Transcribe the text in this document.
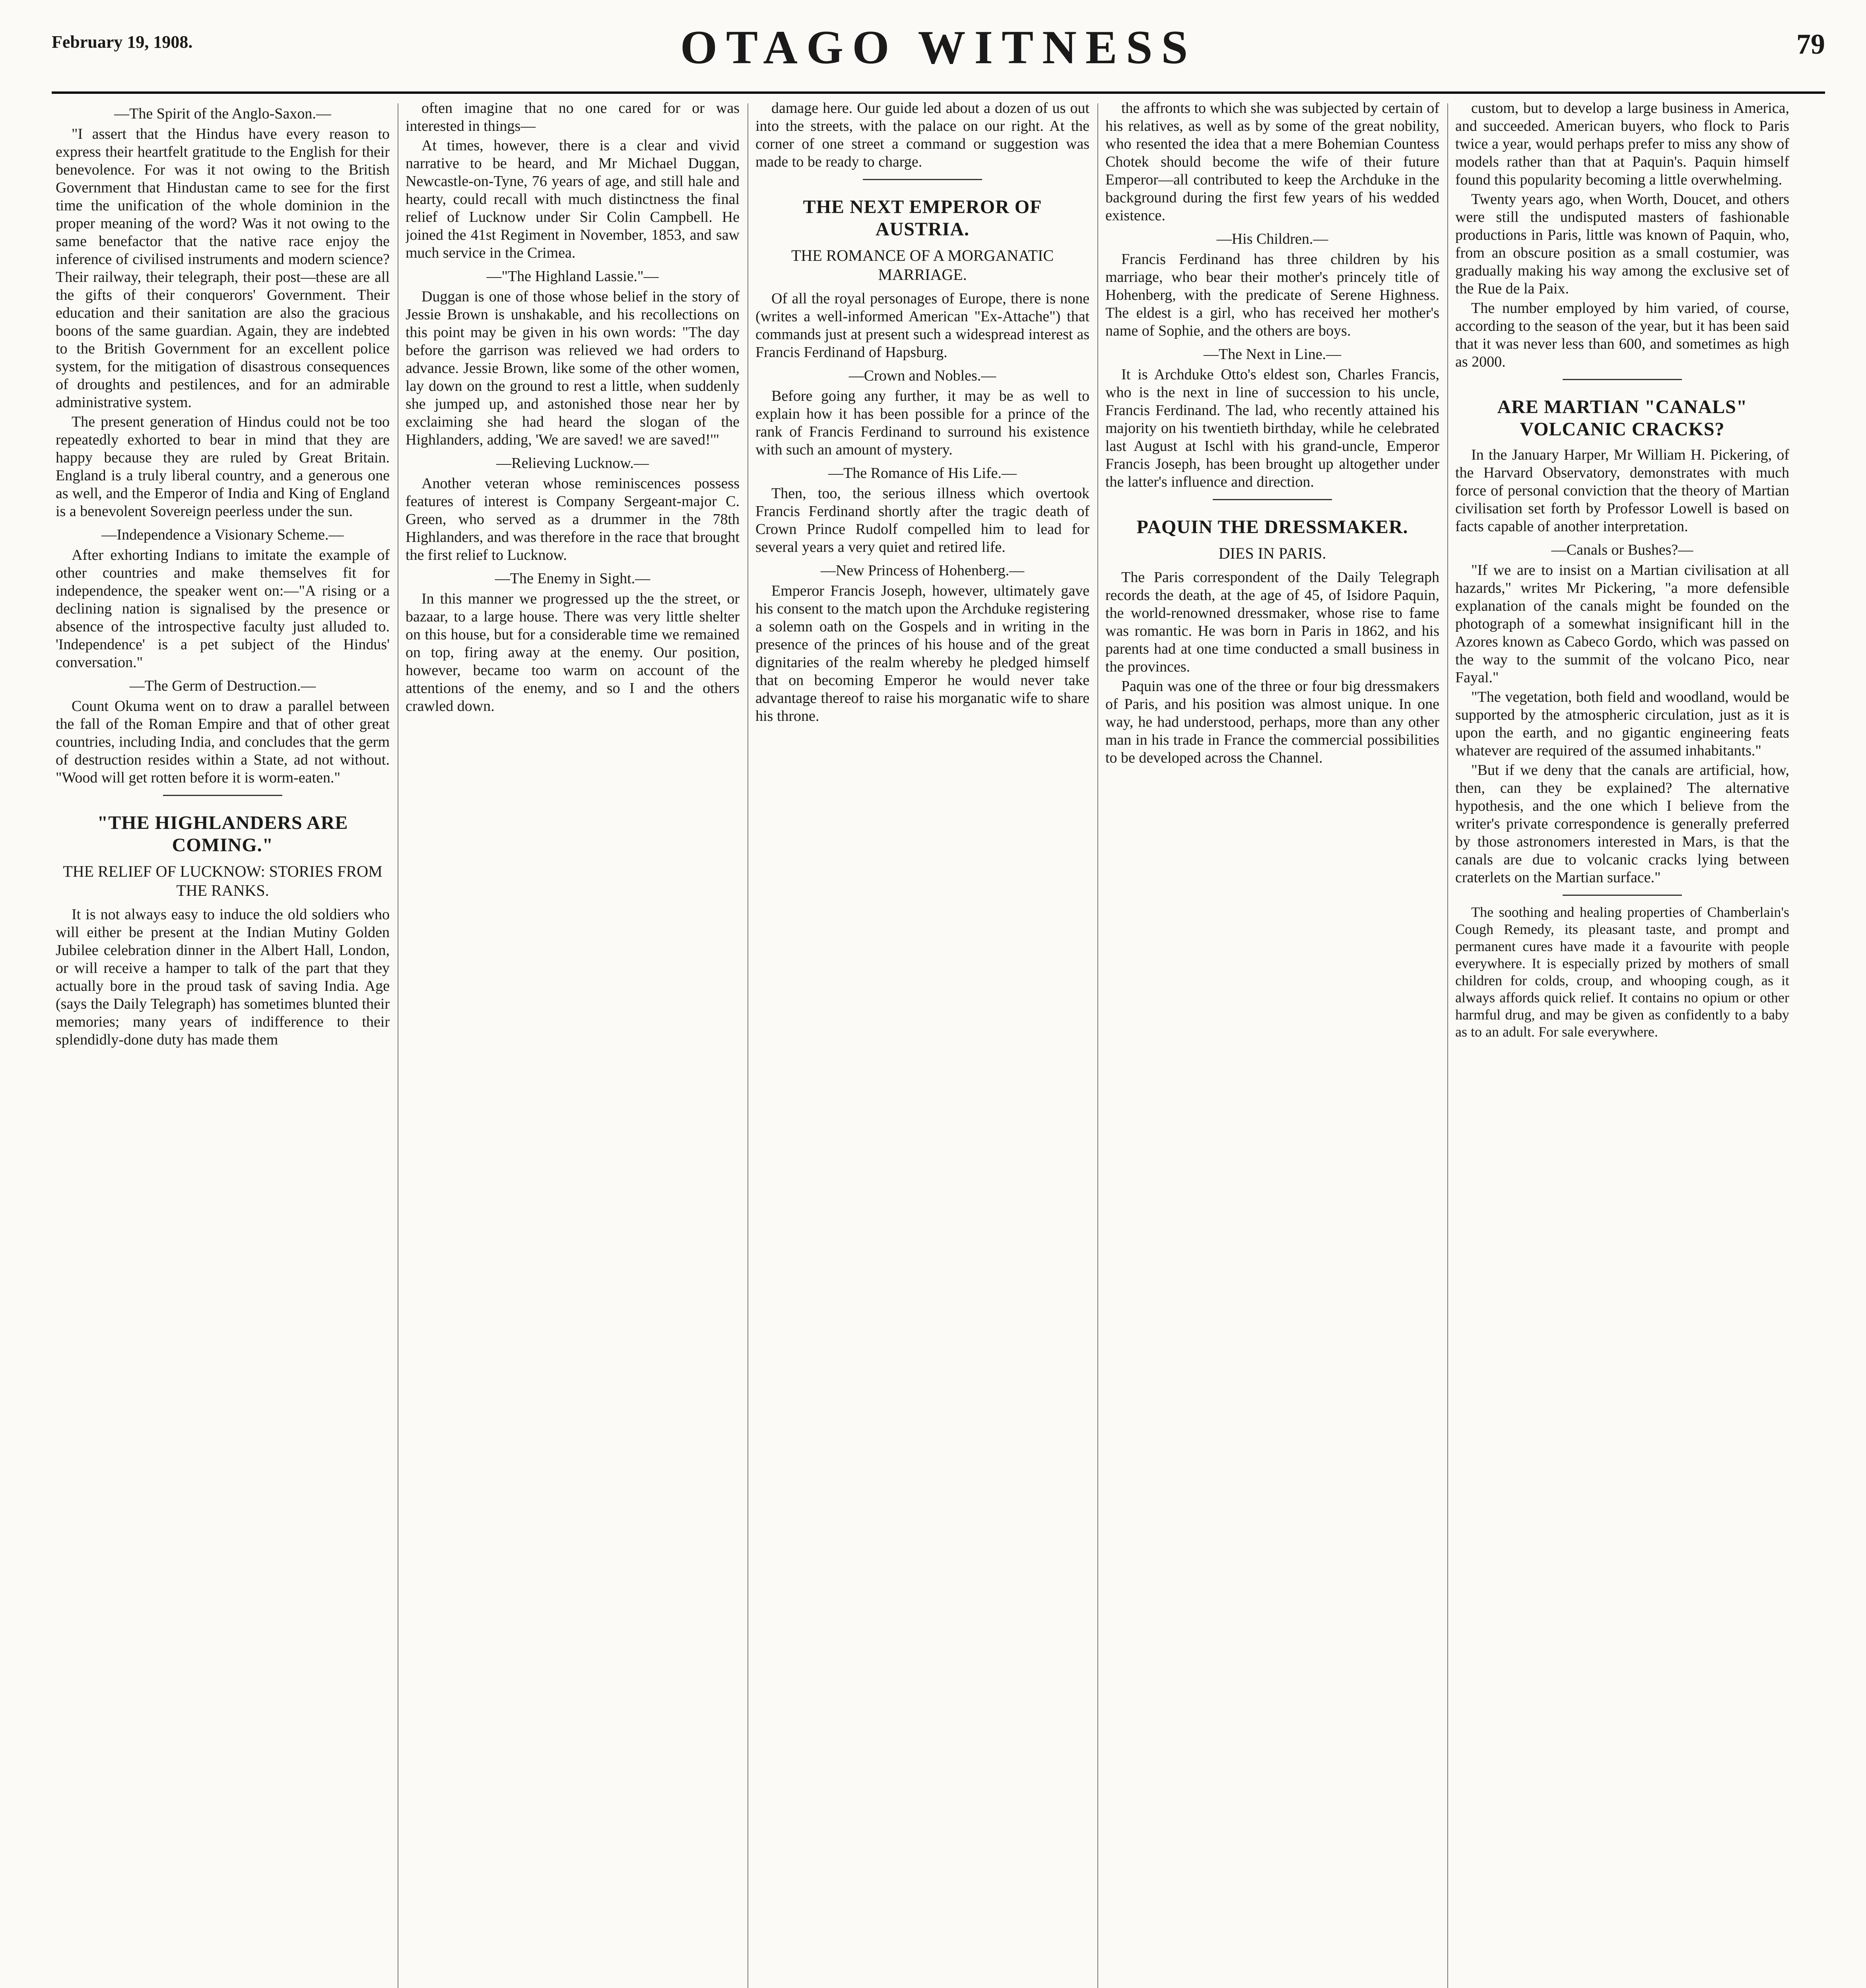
February 19, 1908.	OTAGO WITNESS	79

—The Spirit of the Anglo-Saxon.—

"I assert that the Hindus have every reason to express their heartfelt gratitude to the English for their benevolence. For was it not owing to the British Government that Hindustan came to see for the first time the unification of the whole dominion in the proper meaning of the word? Was it not owing to the same benefactor that the native race enjoy the inference of civilised instruments and modern science? Their railway, their telegraph, their post—these are all the gifts of their conquerors' Government. Their education and their sanitation are also the gracious boons of the same guardian. Again, they are indebted to the British Government for an excellent police system, for the mitigation of disastrous consequences of droughts and pestilences, and for an admirable administrative system.

The present generation of Hindus could not be too repeatedly exhorted to bear in mind that they are happy because they are ruled by Great Britain. England is a truly liberal country, and a generous one as well, and the Emperor of India and King of England is a benevolent Sovereign peerless under the sun.

—Independence a Visionary Scheme.—

After exhorting Indians to imitate the example of other countries and make themselves fit for independence, the speaker went on:—"A rising or a declining nation is signalised by the presence or absence of the introspective faculty just alluded to. 'Independence' is a pet subject of the Hindus' conversation."

—The Germ of Destruction.—

Count Okuma went on to draw a parallel between the fall of the Roman Empire and that of other great countries, including India, and concludes that the germ of destruction resides within a State, ad not without. "Wood will get rotten before it is worm-eaten."

"THE HIGHLANDERS ARE COMING."

THE RELIEF OF LUCKNOW: STORIES FROM THE RANKS.

It is not always easy to induce the old soldiers who will either be present at the Indian Mutiny Golden Jubilee celebration dinner in the Albert Hall, London, or will receive a hamper to talk of the part that they actually bore in the proud task of saving India. Age (says the Daily Telegraph) has sometimes blunted their memories; many years of indifference to their splendidly-done duty has made them

often imagine that no one cared for or was interested in things—

At times, however, there is a clear and vivid narrative to be heard, and Mr Michael Duggan, Newcastle-on-Tyne, 76 years of age, and still hale and hearty, could recall with much distinctness the final relief of Lucknow under Sir Colin Campbell. He joined the 41st Regiment in November, 1853, and saw much service in the Crimea.

—"The Highland Lassie."—

Duggan is one of those whose belief in the story of Jessie Brown is unshakable, and his recollections on this point may be given in his own words: "The day before the garrison was relieved we had orders to advance. Jessie Brown, like some of the other women, lay down on the ground to rest a little, when suddenly she jumped up, and astonished those near her by exclaiming she had heard the slogan of the Highlanders, adding, 'We are saved! we are saved!'"

—Relieving Lucknow.—

Another veteran whose reminiscences possess features of interest is Company Sergeant-major C. Green, who served as a drummer in the 78th Highlanders, and was therefore in the race that brought the first relief to Lucknow.

—The Enemy in Sight.—

In this manner we progressed up the the street, or bazaar, to a large house. There was very little shelter on this house, but for a considerable time we remained on top, firing away at the enemy. Our position, however, became too warm on account of the attentions of the enemy, and so I and the others crawled down.

damage here. Our guide led about a dozen of us out into the streets, with the palace on our right. At the corner of one street a command or suggestion was made to be ready to charge.

THE NEXT EMPEROR OF AUSTRIA.

THE ROMANCE OF A MORGANATIC MARRIAGE.

Of all the royal personages of Europe, there is none (writes a well-informed American "Ex-Attache") that commands just at present such a widespread interest as Francis Ferdinand of Hapsburg.

—Crown and Nobles.—

Before going any further, it may be as well to explain how it has been possible for a prince of the rank of Francis Ferdinand to surround his existence with such an amount of mystery.

—The Romance of His Life.—

Then, too, the serious illness which overtook Francis Ferdinand shortly after the tragic death of Crown Prince Rudolf compelled him to lead for several years a very quiet and retired life.

—New Princess of Hohenberg.—

Emperor Francis Joseph, however, ultimately gave his consent to the match upon the Archduke registering a solemn oath on the Gospels and in writing in the presence of the princes of his house and of the great dignitaries of the realm whereby he pledged himself that on becoming Emperor he would never take advantage thereof to raise his morganatic wife to share his throne.

the affronts to which she was subjected by certain of his relatives, as well as by some of the great nobility, who resented the idea that a mere Bohemian Countess Chotek should become the wife of their future Emperor—all contributed to keep the Archduke in the background during the first few years of his wedded existence.

—His Children.—

Francis Ferdinand has three children by his marriage, who bear their mother's princely title of Hohenberg, with the predicate of Serene Highness. The eldest is a girl, who has received her mother's name of Sophie, and the others are boys.

—The Next in Line.—

It is Archduke Otto's eldest son, Charles Francis, who is the next in line of succession to his uncle, Francis Ferdinand. The lad, who recently attained his majority on his twentieth birthday, while he celebrated last August at Ischl with his grand-uncle, Emperor Francis Joseph, has been brought up altogether under the latter's influence and direction.

PAQUIN THE DRESSMAKER.

DIES IN PARIS.

The Paris correspondent of the Daily Telegraph records the death, at the age of 45, of Isidore Paquin, the world-renowned dressmaker, whose rise to fame was romantic. He was born in Paris in 1862, and his parents had at one time conducted a small business in the provinces.

Paquin was one of the three or four big dressmakers of Paris, and his position was almost unique. In one way, he had understood, perhaps, more than any other man in his trade in France the commercial possibilities to be developed across the Channel.

custom, but to develop a large business in America, and succeeded. American buyers, who flock to Paris twice a year, would perhaps prefer to miss any show of models rather than that at Paquin's. Paquin himself found this popularity becoming a little overwhelming.

Twenty years ago, when Worth, Doucet, and others were still the undisputed masters of fashionable productions in Paris, little was known of Paquin, who, from an obscure position as a small costumier, was gradually making his way among the exclusive set of the Rue de la Paix.

The number employed by him varied, of course, according to the season of the year, but it has been said that it was never less than 600, and sometimes as high as 2000.

ARE MARTIAN "CANALS" VOLCANIC CRACKS?

In the January Harper, Mr William H. Pickering, of the Harvard Observatory, demonstrates with much force of personal conviction that the theory of Martian civilisation set forth by Professor Lowell is based on facts capable of another interpretation.

—Canals or Bushes?—

"If we are to insist on a Martian civilisation at all hazards," writes Mr Pickering, "a more defensible explanation of the canals might be founded on the photograph of a somewhat insignificant hill in the Azores known as Cabeco Gordo, which was passed on the way to the summit of the volcano Pico, near Fayal."

"The vegetation, both field and woodland, would be supported by the atmospheric circulation, just as it is upon the earth, and no gigantic engineering feats whatever are required of the assumed inhabitants."

"But if we deny that the canals are artificial, how, then, can they be explained? The alternative hypothesis, and the one which I believe from the writer's private correspondence is generally preferred by those astronomers interested in Mars, is that the canals are due to volcanic cracks lying between craterlets on the Martian surface."

The soothing and healing properties of Chamberlain's Cough Remedy, its pleasant taste, and prompt and permanent cures have made it a favourite with people everywhere. It is especially prized by mothers of small children for colds, croup, and whooping cough, as it always affords quick relief. It contains no opium or other harmful drug, and may be given as confidently to a baby as to an adult. For sale everywhere.
